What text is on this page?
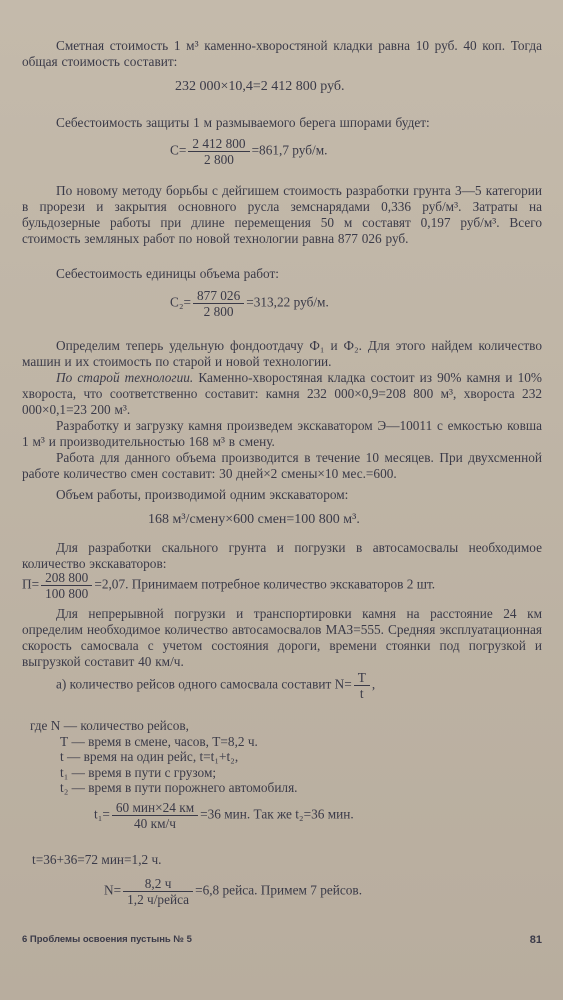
Сметная стоимость 1 м³ каменно-хворостяной кладки равна 10 руб. 40 коп. Тогда общая стоимость составит:

232 000×10,4=2 412 800 руб.

Себестоимость защиты 1 м размываемого берега шпорами будет:

$С= \frac{2 412 800}{2 800} =861,7$ руб/м.

По новому методу борьбы с дейгишем стоимость разработки грунта 3—5 категории в прорези и закрытия основного русла земснарядами 0,336 руб/м³. Затраты на бульдозерные работы при длине перемещения 50 м составят 0,197 руб/м³. Всего стоимость земляных работ по новой технологии равна 877 026 руб.

Себестоимость единицы объема работ:

$С_2= \frac{877 026}{2 800} =313,22$ руб/м.

Определим теперь удельную фондоотдачу Ф₁ и Ф₂. Для этого найдем количество машин и их стоимость по старой и новой технологии.

По старой технологии. Каменно-хворостяная кладка состоит из 90% камня и 10% хворостa, что соответственно составит: камня 232 000×0,9=208 800 м³, хвороста 232 000×0,1=23 200 м³.

Разработку и загрузку камня произведем экскаватором Э—10011 с емкостью ковша 1 м³ и производительностью 168 м³ в смену.

Работа для данного объема производится в течение 10 месяцев. При двухсменной работе количество смен составит: 30 дней×2 смены×10 мес.=600.

Объем работы, производимой одним экскаватором:

168 м³/смену×600 смен=100 800 м³.

Для разработки скального грунта и погрузки в автосамосвалы необходимое количество экскаваторов:

$П= \frac{208 800}{100 800} =2,07$. Принимаем потребное количество экскаваторов 2 шт.

Для непрерывной погрузки и транспортировки камня на расстояние 24 км определим необходимое количество автосамосвалов МАЗ=555. Средняя эксплуатационная скорость самосвала с учетом состояния дороги, времени стоянки под погрузкой и выгрузкой составит 40 км/ч.

а) количество рейсов одного самосвала составит $N= \frac{T}{t}$ ,
где N — количество рейсов,
Т — время в смене, часов, Т=8,2 ч.
t — время на один рейс, t=t₁+t₂,
t₁ — время в пути с грузом;
t₂ — время в пути порожнего автомобиля.
$t_1= \frac{\text{60 мин×24 км}}{40 км/ч} =36$ мин. Так же t₂=36 мин.
t=36+36=72 мин=1,2 ч.
$N= \frac{8,2 ч}{\text{1,2 ч/рейса}} =6,8$ рейса. Примем 7 рейсов.
6 Проблемы освоения пустынь № 5	81
